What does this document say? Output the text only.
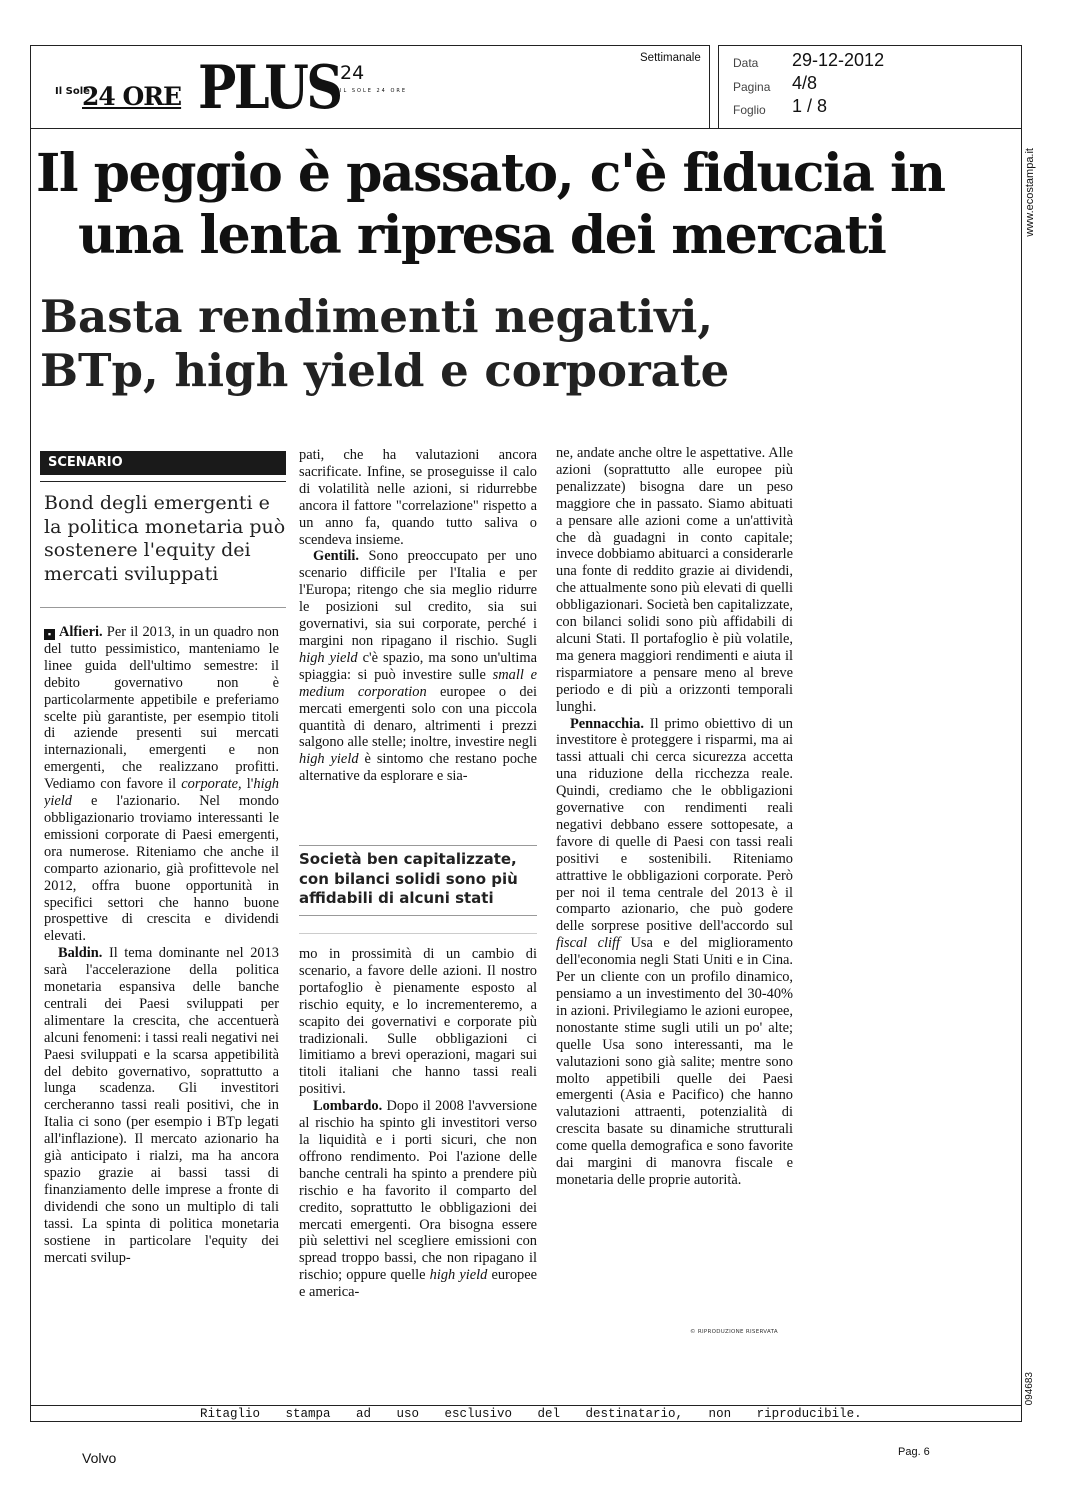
Il Sole
24 ORE PLUS 24
IL SOLE 24 ORE
Settimanale	Data 29-12-2012
Pagina 4/8
Foglio 1 / 8
www.ecostampa.it
094683
Il peggio è passato, c'è fiducia in
una lenta ripresa dei mercati
Basta rendimenti negativi,
BTp, high yield e corporate
SCENARIO
Bond degli emergenti e la politica monetaria può sostenere l'equity dei mercati sviluppati

▪ Alfieri. Per il 2013, in un quadro non del tutto pessimistico, manteniamo le linee guida dell'ultimo semestre: il debito governativo non è particolarmente appetibile e preferiamo scelte più garantiste, per esempio titoli di aziende presenti sui mercati internazionali, emergenti e non emergenti, che realizzano profitti. Vediamo con favore il corporate, l'high yield e l'azionario. Nel mondo obbligazionario troviamo interessanti le emissioni corporate di Paesi emergenti, ora numerose. Riteniamo che anche il comparto azionario, già profittevole nel 2012, offra buone opportunità in specifici settori che hanno buone prospettive di crescita e dividendi elevati.

Baldin. Il tema dominante nel 2013 sarà l'accelerazione della politica monetaria espansiva delle banche centrali dei Paesi sviluppati per alimentare la crescita, che accentuerà alcuni fenomeni: i tassi reali negativi nei Paesi sviluppati e la scarsa appetibilità del debito governativo, soprattutto a lunga scadenza. Gli investitori cercheranno tassi reali positivi, che in Italia ci sono (per esempio i BTp legati all'inflazione). Il mercato azionario ha già anticipato i rialzi, ma ha ancora spazio grazie ai bassi tassi di finanziamento delle imprese a fronte di dividendi che sono un multiplo di tali tassi. La spinta di politica monetaria sostiene in particolare l'equity dei mercati svilup-

pati, che ha valutazioni ancora sacrificate. Infine, se proseguisse il calo di volatilità nelle azioni, si ridurrebbe ancora il fattore "correlazione" rispetto a un anno fa, quando tutto saliva o scendeva insieme.

Gentili. Sono preoccupato per uno scenario difficile per l'Italia e per l'Europa; ritengo che sia meglio ridurre le posizioni sul credito, sia sui governativi, sia sui corporate, perché i margini non ripagano il rischio. Sugli high yield c'è spazio, ma sono un'ultima spiaggia: si può investire sulle small e medium corporation europee o dei mercati emergenti solo con una piccola quantità di denaro, altrimenti i prezzi salgono alle stelle; inoltre, investire negli high yield è sintomo che restano poche alternative da esplorare e sia-

Società ben capitalizzate, con bilanci solidi sono più affidabili di alcuni stati

mo in prossimità di un cambio di scenario, a favore delle azioni. Il nostro portafoglio è pienamente esposto al rischio equity, e lo incrementeremo, a scapito dei governativi e corporate più tradizionali. Sulle obbligazioni ci limitiamo a brevi operazioni, magari sui titoli italiani che hanno tassi reali positivi.

Lombardo. Dopo il 2008 l'avversione al rischio ha spinto gli investitori verso la liquidità e i porti sicuri, che non offrono rendimento. Poi l'azione delle banche centrali ha spinto a prendere più rischio e ha favorito il comparto del credito, soprattutto le obbligazioni dei mercati emergenti. Ora bisogna essere più selettivi nel scegliere emissioni con spread troppo bassi, che non ripagano il rischio; oppure quelle high yield europee e america-

ne, andate anche oltre le aspettative. Alle azioni (soprattutto alle europee più penalizzate) bisogna dare un peso maggiore che in passato. Siamo abituati a pensare alle azioni come a un'attività che dà guadagni in conto capitale; invece dobbiamo abituarci a considerarle una fonte di reddito grazie ai dividendi, che attualmente sono più elevati di quelli obbligazionari. Società ben capitalizzate, con bilanci solidi sono più affidabili di alcuni Stati. Il portafoglio è più volatile, ma genera maggiori rendimenti e aiuta il risparmiatore a pensare meno al breve periodo e di più a orizzonti temporali lunghi.

Pennacchia. Il primo obiettivo di un investitore è proteggere i risparmi, ma ai tassi attuali chi cerca sicurezza accetta una riduzione della ricchezza reale. Quindi, crediamo che le obbligazioni governative con rendimenti reali negativi debbano essere sottopesate, a favore di quelle di Paesi con tassi reali positivi e sostenibili. Riteniamo attrattive le obbligazioni corporate. Però per noi il tema centrale del 2013 è il comparto azionario, che può godere delle sorprese positive dell'accordo sul fiscal cliff Usa e del miglioramento dell'economia negli Stati Uniti e in Cina. Per un cliente con un profilo dinamico, pensiamo a un investimento del 30-40% in azioni. Privilegiamo le azioni europee, nonostante stime sugli utili un po' alte; quelle Usa sono interessanti, ma le valutazioni sono già salite; mentre sono molto appetibili quelle dei Paesi emergenti (Asia e Pacifico) che hanno valutazioni attraenti, potenzialità di crescita basate su dinamiche strutturali come quella demografica e sono favorite dai margini di manovra fiscale e monetaria delle proprie autorità.

© RIPRODUZIONE RISERVATA
Ritaglio stampa ad uso esclusivo del destinatario, non riproducibile.
Volvo	Pag. 6
